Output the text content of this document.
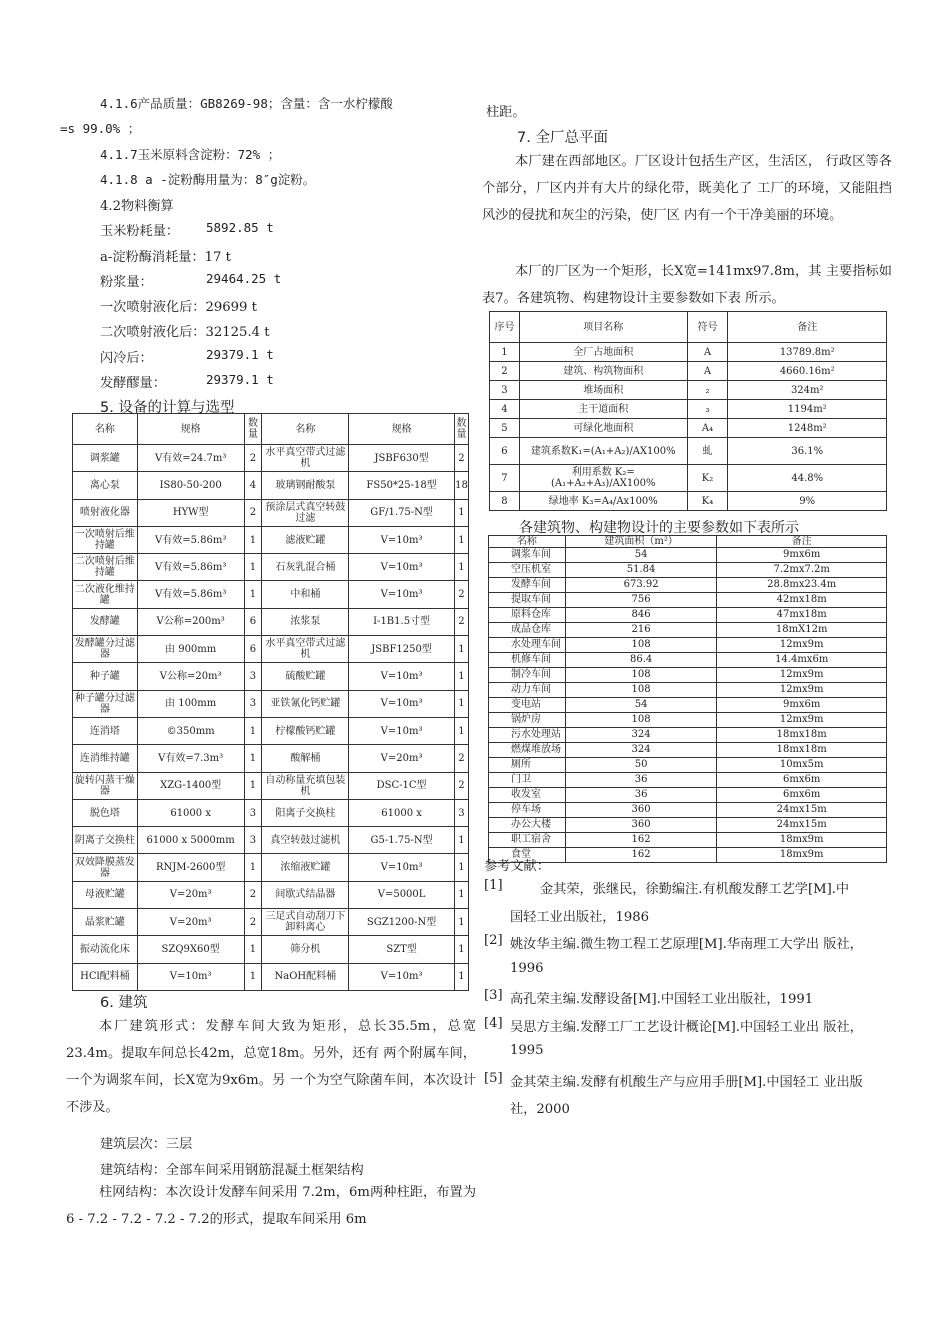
4.1.6产品质量：GB8269-98；含量：含一水柠檬酸
=s 99.0% ；
4.1.7玉米原料含淀粉：72% ；
4.1.8 a -淀粉酶用量为：8″g淀粉。
4.2物料衡算
玉米粉耗量： 5892.85 t
a-淀粉酶消耗量：17 t
粉浆量：	29464.25 t
一次喷射液化后：29699 t
二次喷射液化后：32125.4 t
闪冷后：	29379.1 t
发酵醪量：	29379.1 t
5. 设备的计算与选型
名称	规格	数量	名称	规格	数量
调浆罐	V有效=24.7m³	2	水平真空带式过滤机	JSBF630型	2
离心泵	IS80-50-200	4	玻璃钢耐酸泵	FS50*25-18型	18
喷射液化器	HYW型	2	预涂层式真空转鼓过滤	GF/1.75-N型	1
一次喷射后维持罐	V有效=5.86m³	1	滤液贮罐	V=10m³	1
二次喷射后维持罐	V有效=5.86m³	1	石灰乳混合桶	V=10m³	1
二次液化维持罐	V有效=5.86m³	1	中和桶	V=10m³	2
发酵罐	V公称=200m³	6	浓浆泵	I-1B1.5寸型	2
发酵罐分过滤器	由 900mm	6	水平真空带式过滤机	JSBF1250型	1
种子罐	V公称=20m³	3	硫酸贮罐	V=10m³	1
种子罐分过滤器	由 100mm	3	亚铁氰化钙贮罐	V=10m³	1
连消塔	©350mm	1	柠檬酸钙贮罐	V=10m³	1
连消维持罐	V有效=7.3m³	1	酸解桶	V=20m³	2
旋转闪蒸干燥器	XZG-1400型	1	自动称量充填包装机	DSC-1C型	2
脱色塔	61000 x	3	阳离子交换柱	61000 x	3
阴离子交换柱	61000 x 5000mm	3	真空转鼓过滤机	G5-1.75-N型	1
双效降膜蒸发器	RNJM-2600型	1	浓缩液贮罐	V=10m³	1
母液贮罐	V=20m³	2	间歇式结晶器	V=5000L	1
晶浆贮罐	V=20m³	2	三足式自动刮刀下卸料离心	SGZ1200-N型	1
振动流化床	SZQ9X60型	1	筛分机	SZT型	1
HCl配料桶	V=10m³	1	NaOH配料桶	V=10m³	1
6. 建筑
本厂建筑形式：发酵车间大致为矩形，总长35.5m，总宽23.4m。提取车间总长42m，总宽18m。另外，还有 两个附属车间，一个为调浆车间，长X宽为9x6m。另 一个为空气除菌车间，本次设计不涉及。
建筑层次：三层
建筑结构：全部车间采用钢筋混凝土框架结构
柱网结构：本次设计发酵车间采用 7.2m，6m两种柱距，布置为6 - 7.2 - 7.2 - 7.2 - 7.2的形式，提取车间采用 6m
柱距。
7. 全厂总平面
本厂建在西部地区。厂区设计包括生产区，生活区， 行政区等各个部分，厂区内并有大片的绿化带，既美化了 工厂的环境，又能阻挡风沙的侵扰和灰尘的污染，使厂区 内有一个干净美丽的环境。
本厂的厂区为一个矩形，长X宽=141mx97.8m，其 主要指标如表7。各建筑物、构建物设计主要参数如下表 所示。
序号	项目名称	符号	备注
1	全厂占地面积	A	13789.8m²
2	建筑、构筑物面积	A	4660.16m²
3	堆场面积	₂	324m²
4	主干道面积	₃	1194m²
5	可绿化地面积	A₄	1248m²
6	建筑系数K₁=(A₁+A₂)/AX100%	虬	36.1%
7	利用系数 K₂=(A₁+A₂+A₃)/AX100%	K₂	44.8%
8	绿地率 K₃=A₄/Ax100%	K₄	9%
各建筑物、构建物设计的主要参数如下表所示
名称	建筑面积（m²）	备注
调浆车间	54	9mx6m
空压机室	51.84	7.2mx7.2m
发酵车间	673.92	28.8mx23.4m
提取车间	756	42mx18m
原料仓库	846	47mx18m
成品仓库	216	18mX12m
水处理车间	108	12mx9m
机修车间	86.4	14.4mx6m
制冷车间	108	12mx9m
动力车间	108	12mx9m
变电站	54	9mx6m
锅炉房	108	12mx9m
污水处理站	324	18mx18m
燃煤堆放场	324	18mx18m
厕所	50	10mx5m
门卫	36	6mx6m
收发室	36	6mx6m
停车场	360	24mx15m
办公大楼	360	24mx15m
职工宿舍	162	18mx9m
食堂	162	18mx9m
参考文献：
[1]	金其荣，张继民，徐勤编注.有机酸发酵工艺学[M].中
国轻工业出版社，1986
[2] 姚汝华主编.微生物工程工艺原理[M].华南理工大学出 版社，
1996
[3] 高孔荣主编.发酵设备[M].中国轻工业出版社，1991
[4] 吴思方主编.发酵工厂工艺设计概论[M].中国轻工业出 版社，
1995
[5] 金其荣主编.发酵有机酸生产与应用手册[M].中国轻工 业出版
社，2000
